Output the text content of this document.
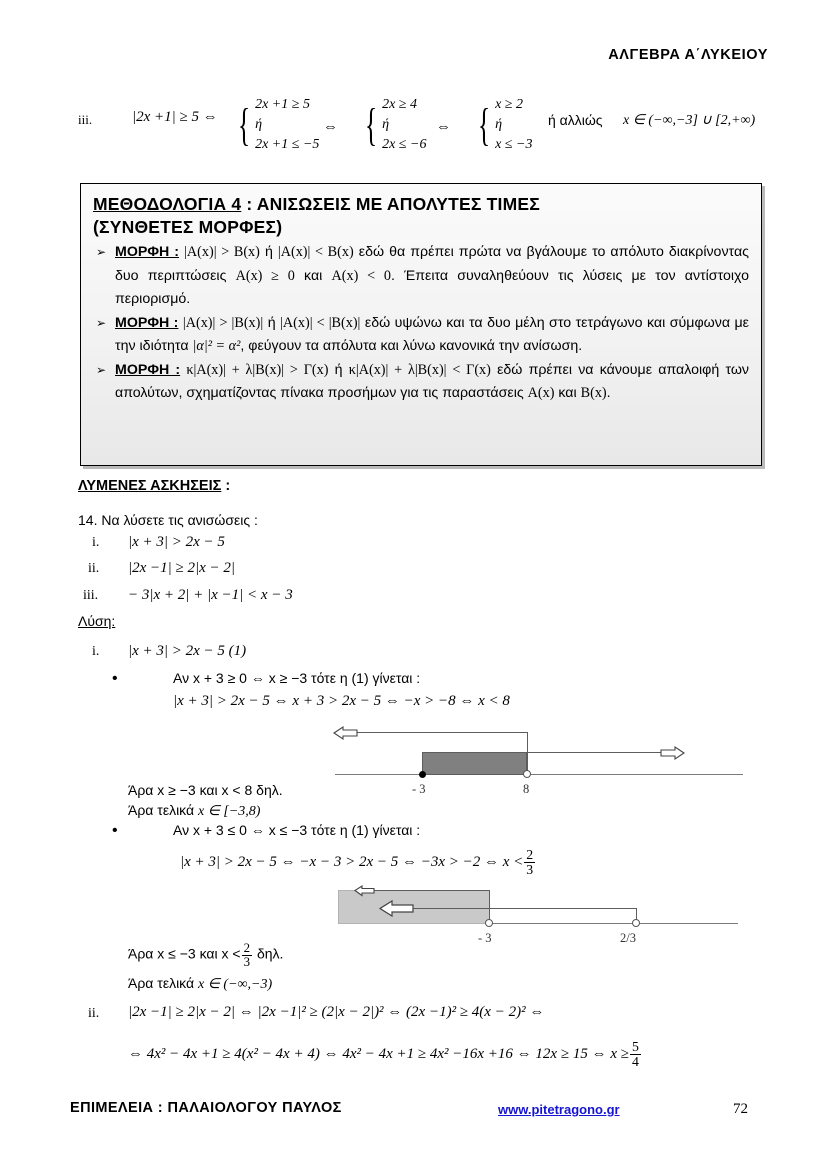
ΑΛΓΕΒΡΑ Α΄ΛΥΚΕΙΟΥ
iii.	|2x +1| ≥ 5 ⇔ { 2x +1 ≥ 5
ή
2x +1 ≤ −5
⇔ { 2x ≥ 4
ή
2x ≤ −6
⇔ { x ≥ 2
ή
x ≤ −3
ή αλλιώς x ∈ (−∞,−3] ∪ [2,+∞)
ΜΕΘΟΔΟΛΟΓΙΑ 4 : ΑΝΙΣΩΣΕΙΣ ΜΕ ΑΠΟΛΥΤΕΣ ΤΙΜΕΣ
(ΣΥΝΘΕΤΕΣ ΜΟΡΦΕΣ)
➢ ΜΟΡΦΗ : |A(x)| > B(x) ή |A(x)| < B(x) εδώ θα πρέπει πρώτα να βγάλουμε το απόλυτο διακρίνοντας δυο περιπτώσεις A(x) ≥ 0 και A(x) < 0. Έπειτα συναληθεύουν τις λύσεις με τον αντίστοιχο περιορισμό.
➢ ΜΟΡΦΗ : |A(x)| > |B(x)| ή |A(x)| < |B(x)| εδώ υψώνω και τα δυο μέλη στο τετράγωνο και σύμφωνα με την ιδιότητα |α|² = α², φεύγουν τα απόλυτα και λύνω κανονικά την ανίσωση.
➢ ΜΟΡΦΗ : κ|A(x)| + λ|B(x)| > Γ(x) ή κ|A(x)| + λ|B(x)| < Γ(x) εδώ πρέπει να κάνουμε απαλοιφή των απολύτων, σχηματίζοντας πίνακα προσήμων για τις παραστάσεις A(x) και B(x).
ΛΥΜΕΝΕΣ ΑΣΚΗΣΕΙΣ :
14. Να λύσετε τις ανισώσεις :
i. |x + 3| > 2x − 5
ii. |2x −1| ≥ 2|x − 2|
iii. − 3|x + 2| + |x −1| < x − 3
Λύση:
i. |x + 3| > 2x − 5 (1)
•	Αν x + 3 ≥ 0 ⇔ x ≥ −3 τότε η (1) γίνεται :
|x + 3| > 2x − 5 ⇔ x + 3 > 2x − 5 ⇔ −x > −8 ⇔ x < 8
- 3	8
Άρα x ≥ −3 και x < 8 δηλ.
Άρα τελικά x ∈ [−3,8)
•	Αν x + 3 ≤ 0 ⇔ x ≤ −3 τότε η (1) γίνεται :
|x + 3| > 2x − 5 ⇔ −x − 3 > 2x − 5 ⇔ −3x > −2 ⇔ $x < \frac{2}{3}$
- 3	2/3
Άρα x ≤ −3 και $x < \frac{2}{3} \delta\eta\lambda$.
Άρα τελικά x ∈ (−∞,−3)
ii. |2x −1| ≥ 2|x − 2| ⇔ |2x −1|² ≥ (2|x − 2|)² ⇔ (2x −1)² ≥ 4(x − 2)² ⇔
⇔ 4x² − 4x +1 ≥ 4(x² − 4x + 4) ⇔ 4x² − 4x +1 ≥ 4x² −16x +16 ⇔ 12x ≥ 15 ⇔ $x \ge \frac{5}{4}$
ΕΠΙΜΕΛΕΙΑ : ΠΑΛΑΙΟΛΟΓΟΥ ΠΑΥΛΟΣ	www.pitetragono.gr	72
